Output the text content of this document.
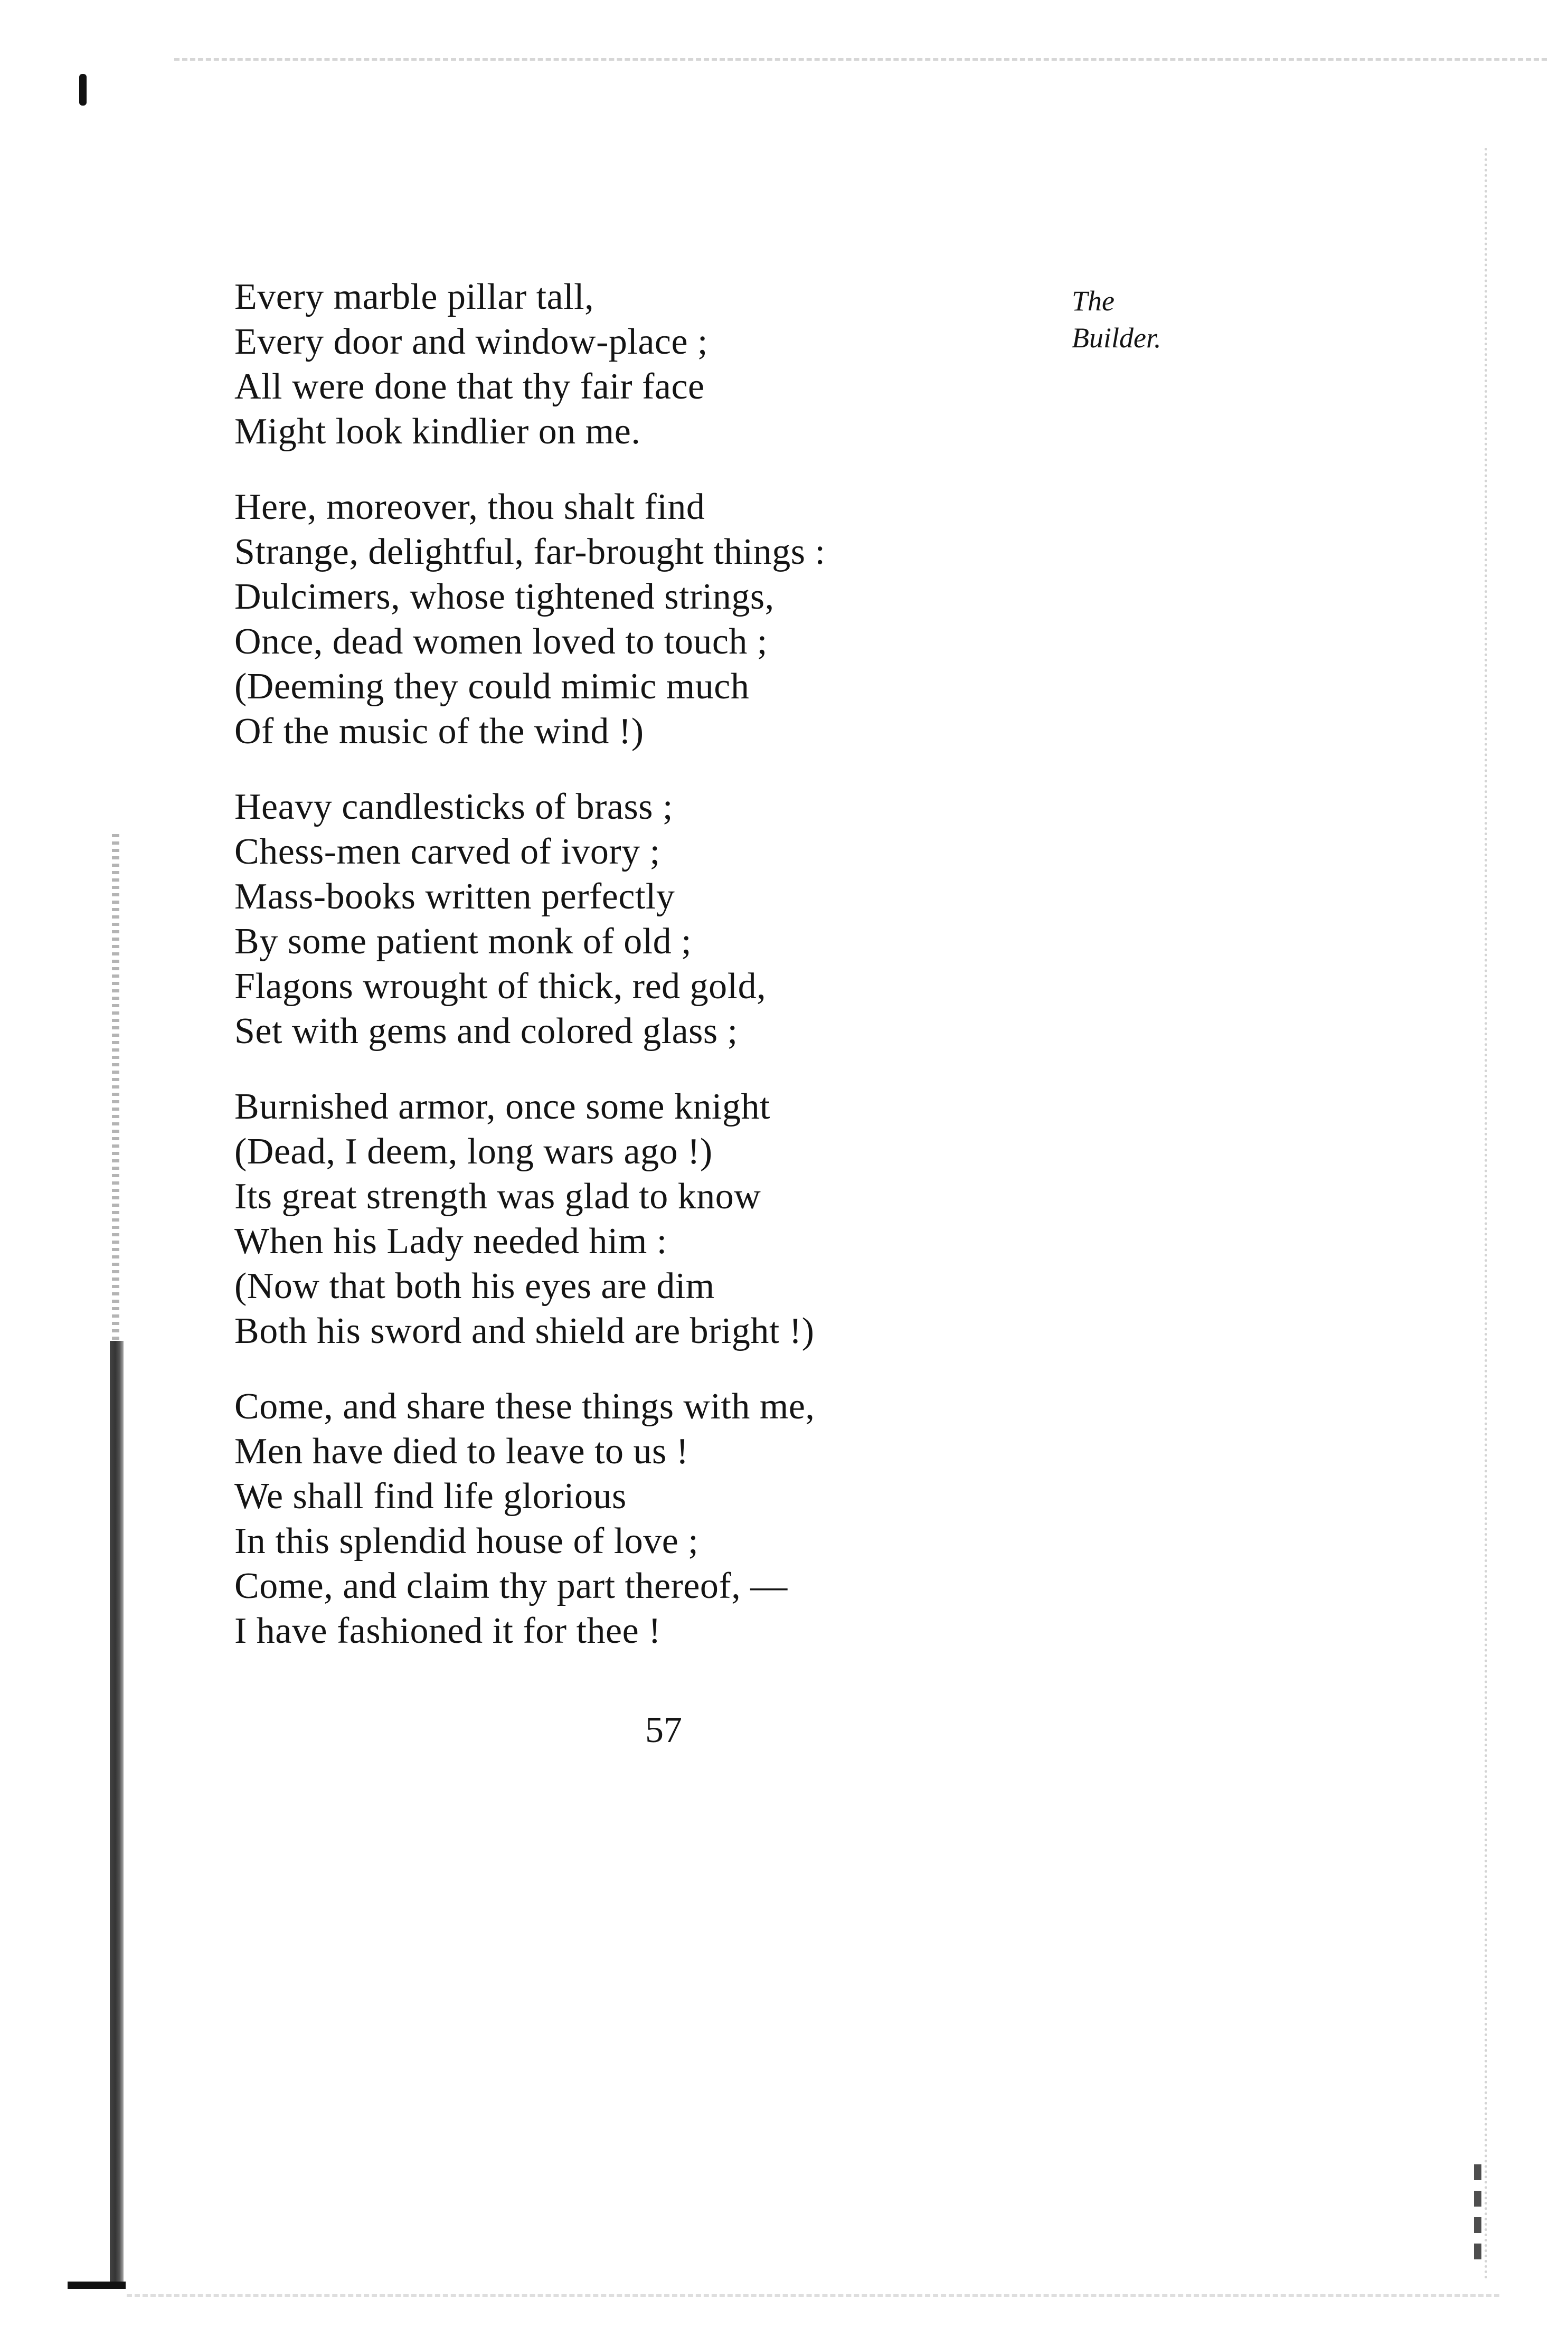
The
Builder.
Every marble pillar tall,
Every door and window-place ;
All were done that thy fair face
Might look kindlier on me.
Here, moreover, thou shalt find
Strange, delightful, far-brought things :
Dulcimers, whose tightened strings,
Once, dead women loved to touch ;
(Deeming they could mimic much
Of the music of the wind !)
Heavy candlesticks of brass ;
Chess-men carved of ivory ;
Mass-books written perfectly
By some patient monk of old ;
Flagons wrought of thick, red gold,
Set with gems and colored glass ;
Burnished armor, once some knight
(Dead, I deem, long wars ago !)
Its great strength was glad to know
When his Lady needed him :
(Now that both his eyes are dim
Both his sword and shield are bright !)
Come, and share these things with me,
Men have died to leave to us !
We shall find life glorious
In this splendid house of love ;
Come, and claim thy part thereof, —
I have fashioned it for thee !
57
